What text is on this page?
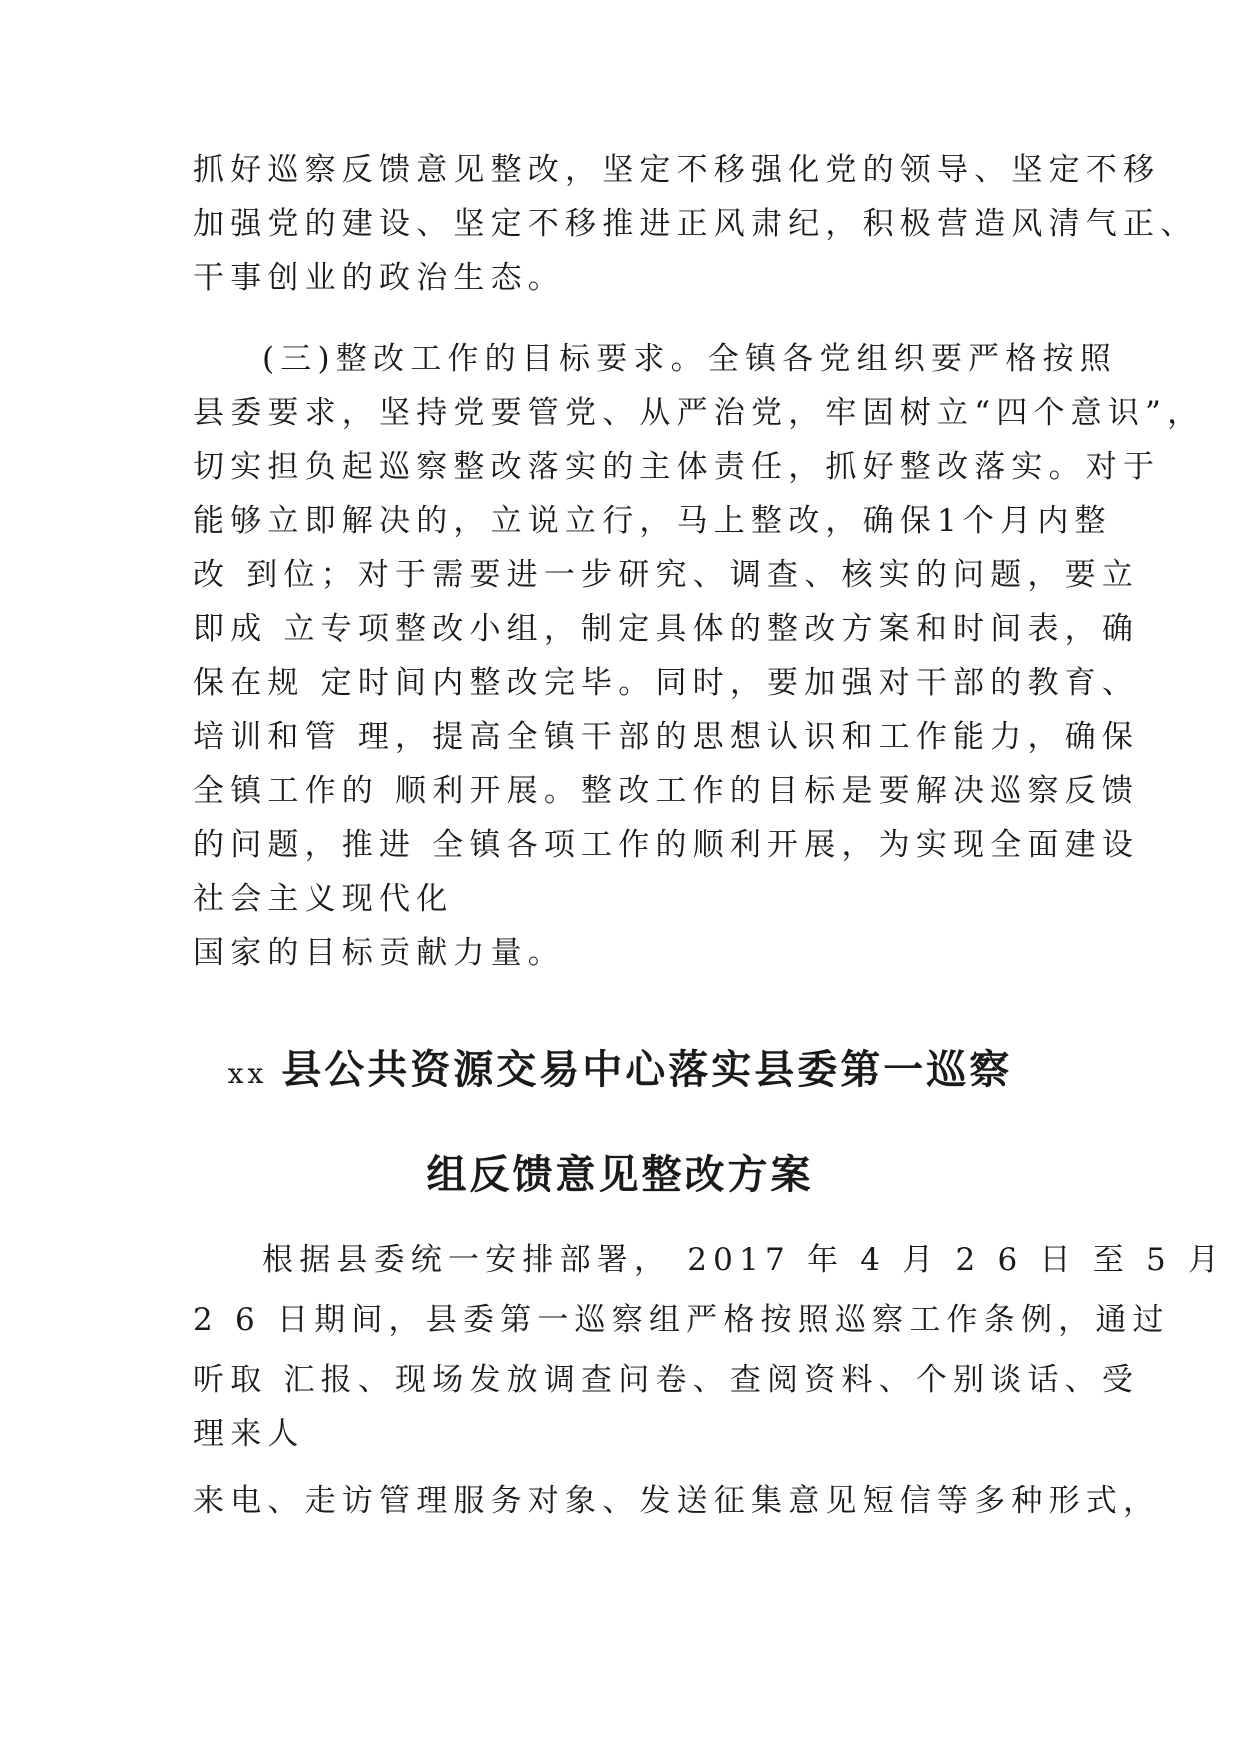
抓好巡察反馈意见整改，坚定不移强化党的领导、坚定不移

加强党的建设、坚定不移推进正风肃纪，积极营造风清气正、

干事创业的政治生态。

(三)整改工作的目标要求。全镇各党组织要严格按照

县委要求，坚持党要管党、从严治党，牢固树立“四个意识”，

切实担负起巡察整改落实的主体责任，抓好整改落实。对于

能够立即解决的，立说立行，马上整改，确保1个月内整

改 到位；对于需要进一步研究、调查、核实的问题，要立

即成 立专项整改小组，制定具体的整改方案和时间表，确

保在规 定时间内整改完毕。同时，要加强对干部的教育、

培训和管 理，提高全镇干部的思想认识和工作能力，确保

全镇工作的 顺利开展。整改工作的目标是要解决巡察反馈

的问题，推进 全镇各项工作的顺利开展，为实现全面建设

社会主义现代化

国家的目标贡献力量。

xx 县公共资源交易中心落实县委第一巡察
组反馈意见整改方案

根据县委统一安排部署， 2017 年 4 月 2 6 日 至 5 月

2 6 日期间，县委第一巡察组严格按照巡察工作条例，通过

听取 汇报、现场发放调查问卷、查阅资料、个别谈话、受

理来人

来电、走访管理服务对象、发送征集意见短信等多种形式，
